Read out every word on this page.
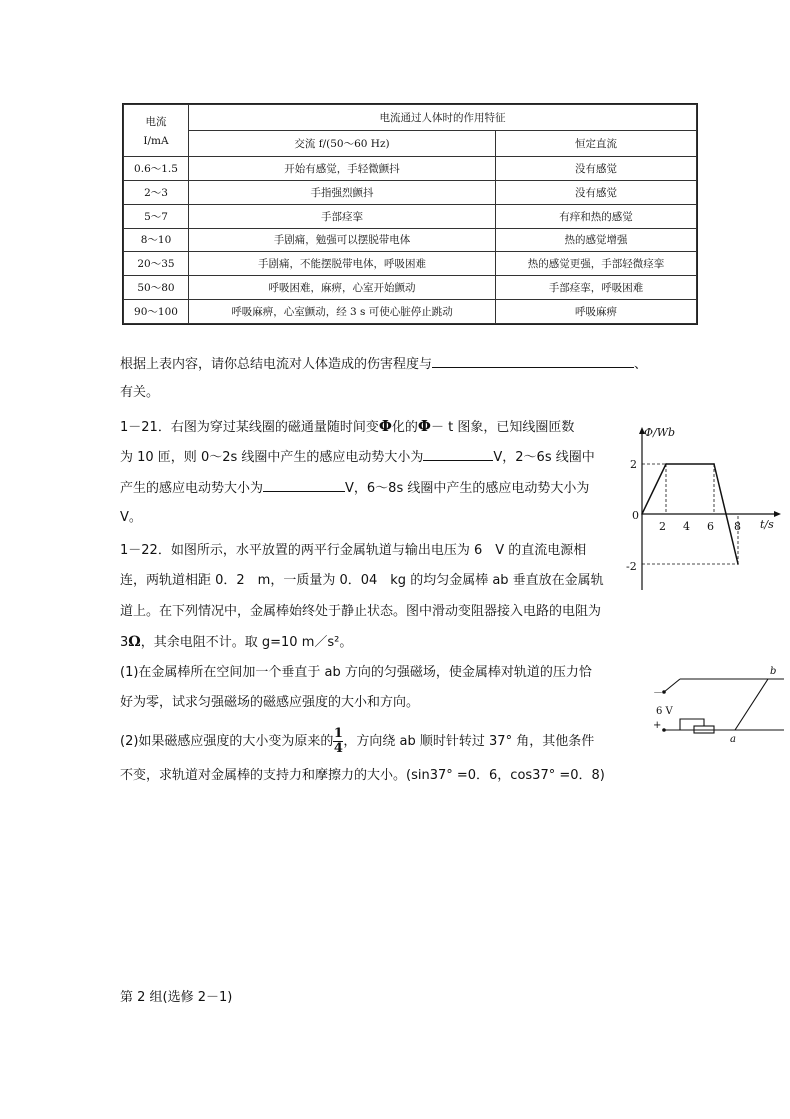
电流
I/mA	电流通过人体时的作用特征	
	交流 f/(50～60 Hz)	恒定直流
0.6～1.5	开始有感觉，手轻微颤抖	没有感觉
2～3	手指强烈颤抖	没有感觉
5～7	手部痉挛	有痒和热的感觉
8～10	手剧痛，勉强可以摆脱带电体	热的感觉增强
20～35	手剧痛，不能摆脱带电体，呼吸困难	热的感觉更强，手部轻微痉挛
50～80	呼吸困难，麻痹，心室开始颤动	手部痉挛，呼吸困难
90～100	呼吸麻痹，心室颤动，经 3 s 可使心脏停止跳动	呼吸麻痹
根据上表内容，请你总结电流对人体造成的伤害程度与	、
有关。
1－21．右图为穿过某线圈的磁通量随时间变Φ化的Φ－ t 图象，已知线圈匝数
为 10 匝，则 0～2s 线圈中产生的感应电动势大小为	V，2～6s 线圈中
产生的感应电动势大小为	V，6～8s 线圈中产生的感应电动势大小为
V。
Φ/Wb
t/s
2
-2
0
2 4 6 8
1－22．如图所示，水平放置的两平行金属轨道与输出电压为 6　V 的直流电源相
连，两轨道相距 0．2　m，一质量为 0．04　kg 的均匀金属棒 ab 垂直放在金属轨
道上。在下列情况中，金属棒始终处于静止状态。图中滑动变阻器接入电路的电阻为
3Ω，其余电阻不计。取 g=10 m／s²。
(1)在金属棒所在空间加一个垂直于 ab 方向的匀强磁场，使金属棒对轨道的压力恰
好为零，试求匀强磁场的磁感应强度的大小和方向。
(2)如果磁感应强度的大小变为原来的 $\frac{1}{4}$ ，方向绕 ab 顺时针转过 37° 角，其他条件
不变，求轨道对金属棒的支持力和摩擦力的大小。(sin37° =0．6，cos37° =0．8)
b
a
－
+
6 V
第 2 组(选修 2－1)
